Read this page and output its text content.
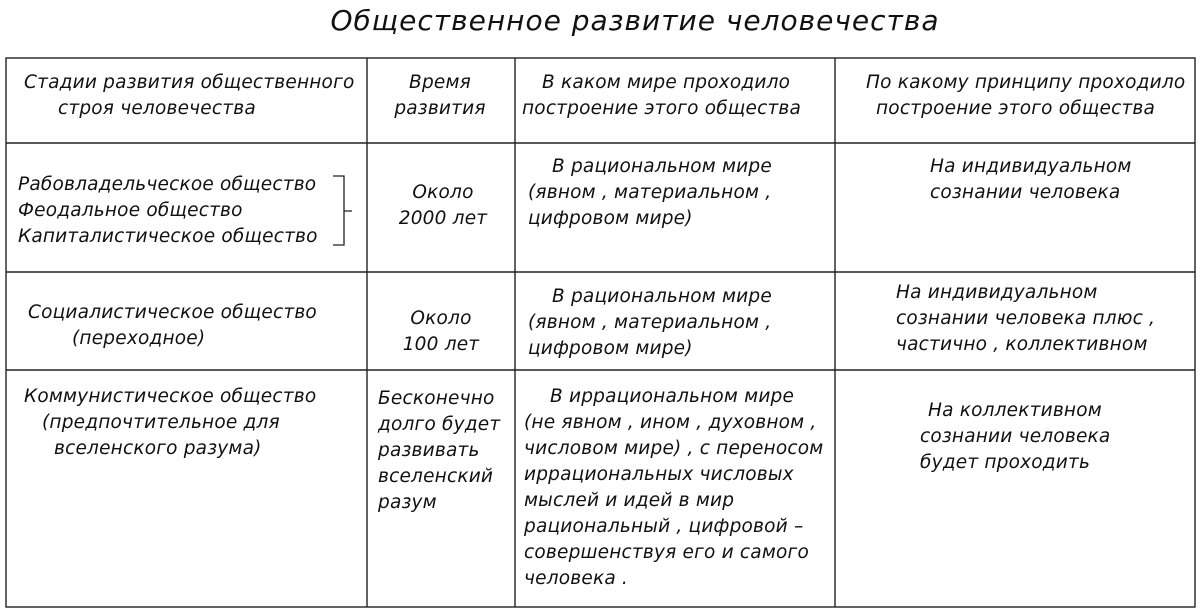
Общественное развитие человечества
Стадии развития общественного
строя человечества
Время
развития
В каком мире проходило
построение этого общества
По какому принципу проходило
построение этого общества
Рабовладельческое общество
Феодальное общество
Капиталистическое общество
Около
2000 лет
В рациональном мире
(явном , материальном ,
цифровом мире)
На индивидуальном
сознании человека
Социалистическое общество
(переходное)
Около
100 лет
В рациональном мире
(явном , материальном ,
цифровом мире)
На индивидуальном
сознании человека плюс ,
частично , коллективном
Коммунистическое общество
(предпочтительное для
вселенского разума)
Бесконечно
долго будет
развивать
вселенский
разум
В иррациональном мире
(не явном , ином , духовном ,
числовом мире) , с переносом
иррациональных числовых
мыслей и идей в мир
рациональный , цифровой –
совершенствуя его и самого
человека .
На коллективном
сознании человека
будет проходить
